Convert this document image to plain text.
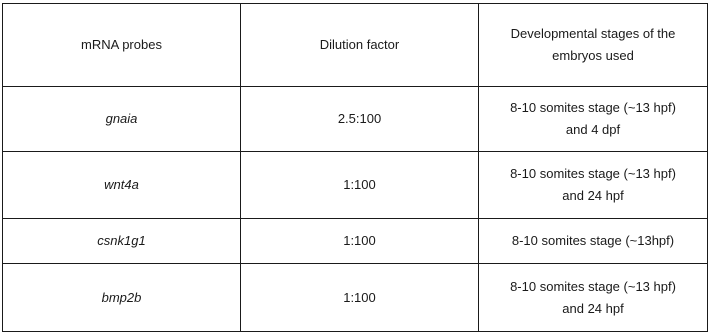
mRNA probes	Dilution factor	Developmental stages of the
embryos used

gnaia	2.5:100	8-10 somites stage (~13 hpf)
and 4 dpf

wnt4a	1:100	8-10 somites stage (~13 hpf)
and 24 hpf

csnk1g1	1:100	8-10 somites stage (~13hpf)

bmp2b	1:100	8-10 somites stage (~13 hpf)
and 24 hpf
